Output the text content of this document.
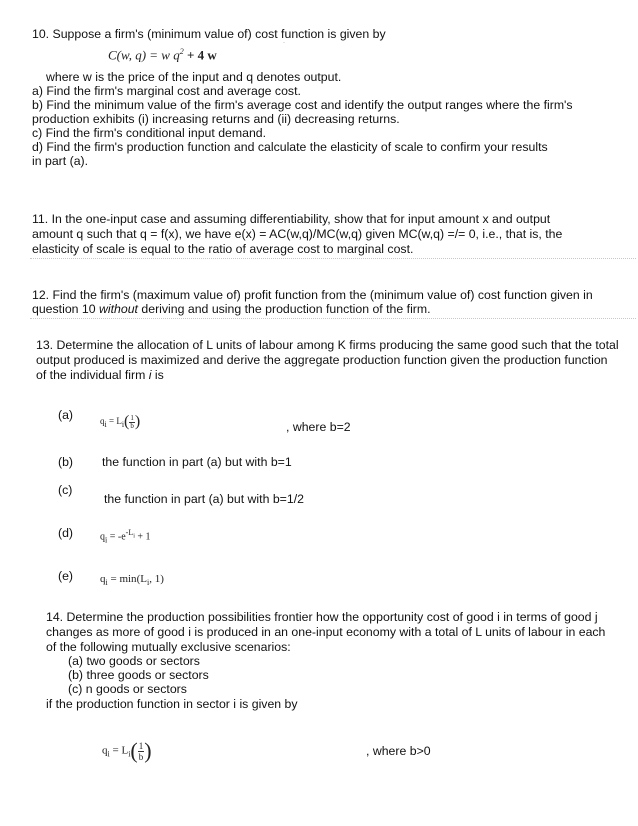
10. Suppose a firm's (minimum value of) cost function is given by
·
C(w, q) = w $q^2 + 4$ w
where w is the price of the input and q denotes output.
a) Find the firm's marginal cost and average cost.
b) Find the minimum value of the firm's average cost and identify the output ranges where the firm's
production exhibits (i) increasing returns and (ii) decreasing returns.
c) Find the firm's conditional input demand.
d) Find the firm's production function and calculate the elasticity of scale to confirm your results
in part (a).
11. In the one-input case and assuming differentiability, show that for input amount x and output
amount q such that q = f(x), we have e(x) = AC(w,q)/MC(w,q) given MC(w,q) =/= 0, i.e., that is, the
elasticity of scale is equal to the ratio of average cost to marginal cost.
12. Find the firm's (maximum value of) profit function from the (minimum value of) cost function given in
question 10 without deriving and using the production function of the firm.
13. Determine the allocation of L units of labour among K firms producing the same good such that the total
output produced is maximized and derive the aggregate production function given the production function
of the individual firm i is
(a)	$q_i = L_i( \frac{1}{b}$ )	, where b=2
(b) the function in part (a) but with b=1
(c)
the function in part (a) but with b=1/2
(d)	$q_i = -e^{-L_i} + 1$
(e) $q_i = \min(L_i$, 1)
14. Determine the production possibilities frontier how the opportunity cost of good i in terms of good j
changes as more of good i is produced in an one-input economy with a total of L units of labour in each
of the following mutually exclusive scenarios:
(a) two goods or sectors
(b) three goods or sectors
(c) n goods or sectors
if the production function in sector i is given by
$q_i = L_i( \frac{1}{b}$ )	, where b>0
